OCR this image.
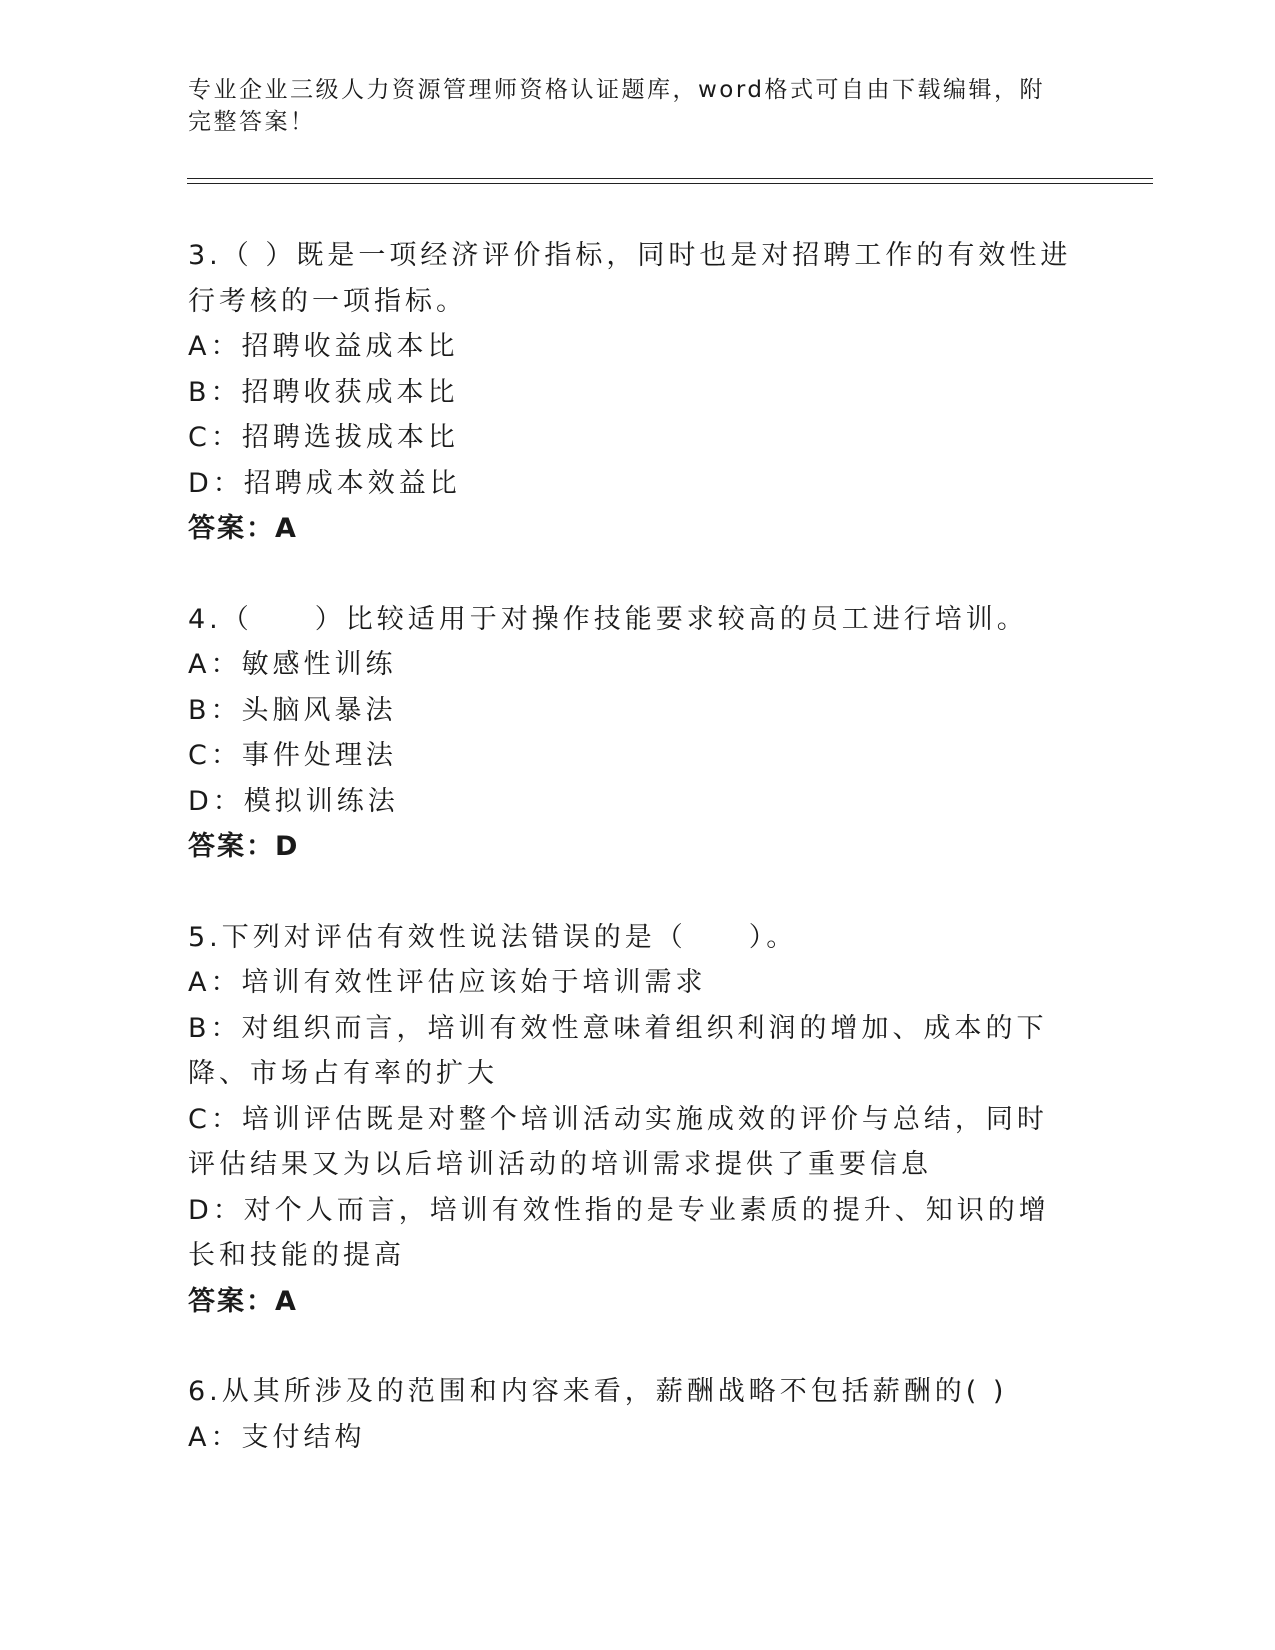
专业企业三级人力资源管理师资格认证题库，word格式可自由下载编辑，附完整答案！
3.（ ）既是一项经济评价指标，同时也是对招聘工作的有效性进行考核的一项指标。
A：招聘收益成本比
B：招聘收获成本比
C：招聘选拔成本比
D：招聘成本效益比
答案：A
4.（　　）比较适用于对操作技能要求较高的员工进行培训。
A：敏感性训练
B：头脑风暴法
C：事件处理法
D：模拟训练法
答案：D
5.下列对评估有效性说法错误的是（　　）。
A：培训有效性评估应该始于培训需求
B：对组织而言，培训有效性意味着组织利润的增加、成本的下降、市场占有率的扩大
C：培训评估既是对整个培训活动实施成效的评价与总结，同时评估结果又为以后培训活动的培训需求提供了重要信息
D：对个人而言，培训有效性指的是专业素质的提升、知识的增长和技能的提高
答案：A
6.从其所涉及的范围和内容来看，薪酬战略不包括薪酬的( )
A：支付结构
